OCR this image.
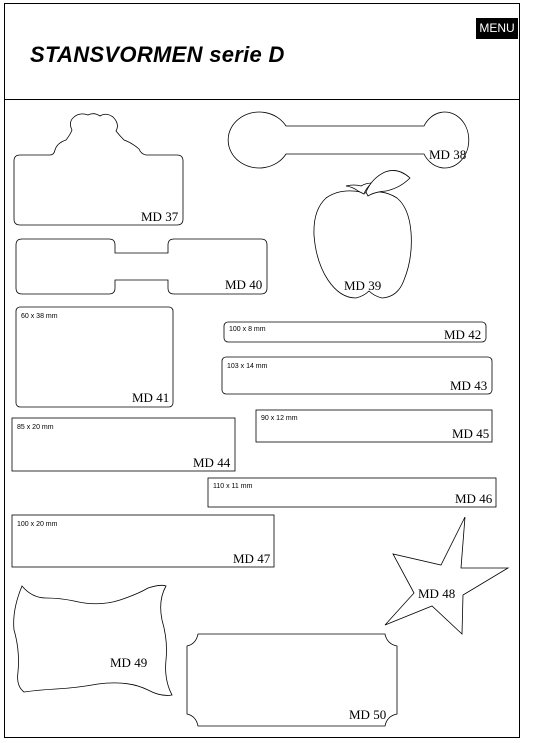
STANSVORMEN serie D
MENU
MD 37
MD 38
MD 39
MD 40
60 x 38 mm
MD 41
100 x 8 mm	MD 42
103 x 14 mm
MD 43
85 x 20 mm
MD 44
90 x 12 mm
MD 45
110 x 11 mm
MD 46
100 x 20 mm
MD 47
MD 48
MD 49
MD 50
